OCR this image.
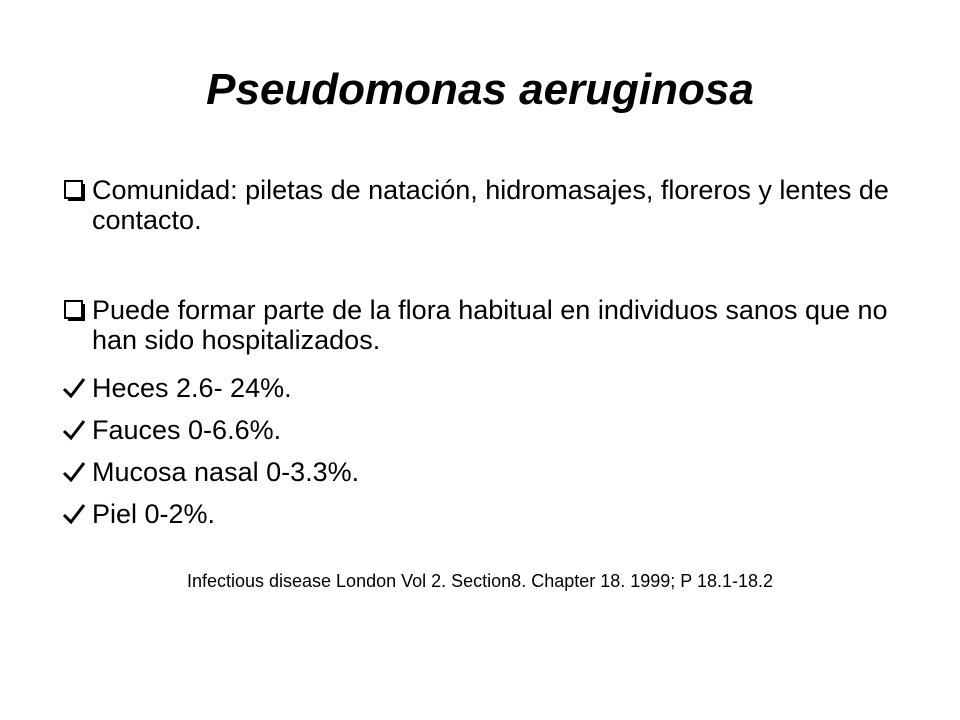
Pseudomonas aeruginosa
Comunidad: piletas de natación, hidromasajes, floreros y lentes de contacto.
Puede formar parte de la flora habitual en individuos sanos que no han sido hospitalizados.
Heces 2.6- 24%.
Fauces 0-6.6%.
Mucosa nasal 0-3.3%.
Piel 0-2%.
Infectious disease London Vol 2. Section8. Chapter 18. 1999; P 18.1-18.2
